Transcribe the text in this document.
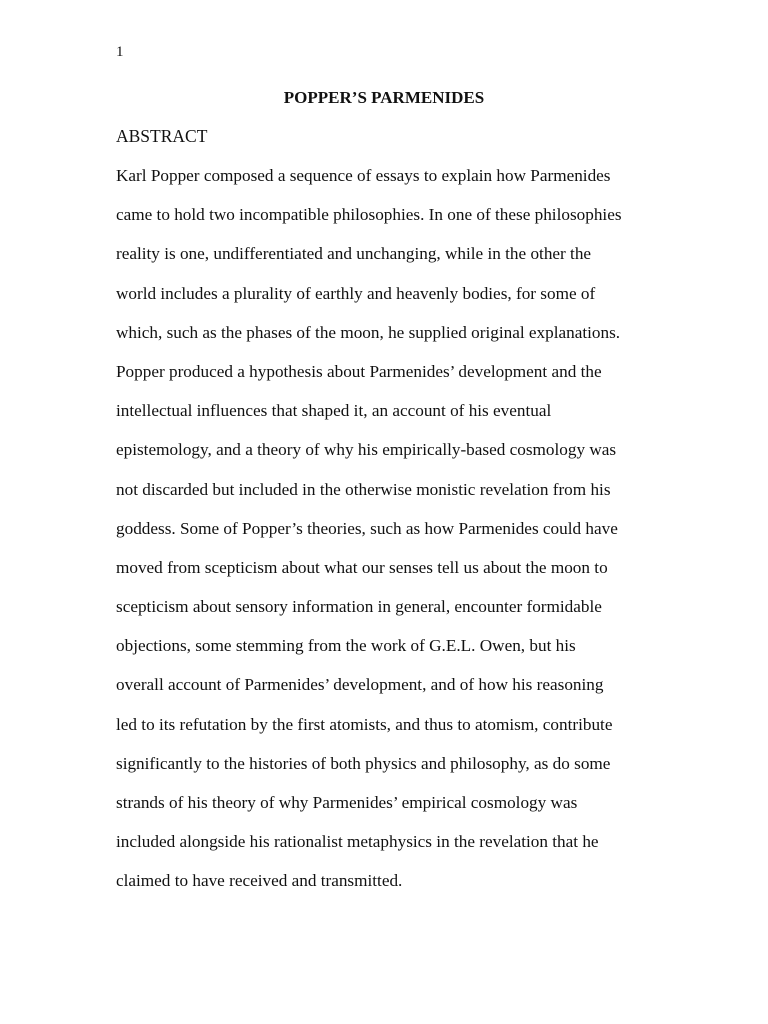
1
POPPER’S PARMENIDES
ABSTRACT
Karl Popper composed a sequence of essays to explain how Parmenides
came to hold two incompatible philosophies. In one of these philosophies
reality is one, undifferentiated and unchanging, while in the other the
world includes a plurality of earthly and heavenly bodies, for some of
which, such as the phases of the moon, he supplied original explanations.
Popper produced a hypothesis about Parmenides’ development and the
intellectual influences that shaped it, an account of his eventual
epistemology, and a theory of why his empirically-based cosmology was
not discarded but included in the otherwise monistic revelation from his
goddess. Some of Popper’s theories, such as how Parmenides could have
moved from scepticism about what our senses tell us about the moon to
scepticism about sensory information in general, encounter formidable
objections, some stemming from the work of G.E.L. Owen, but his
overall account of Parmenides’ development, and of how his reasoning
led to its refutation by the first atomists, and thus to atomism, contribute
significantly to the histories of both physics and philosophy, as do some
strands of his theory of why Parmenides’ empirical cosmology was
included alongside his rationalist metaphysics in the revelation that he
claimed to have received and transmitted.
